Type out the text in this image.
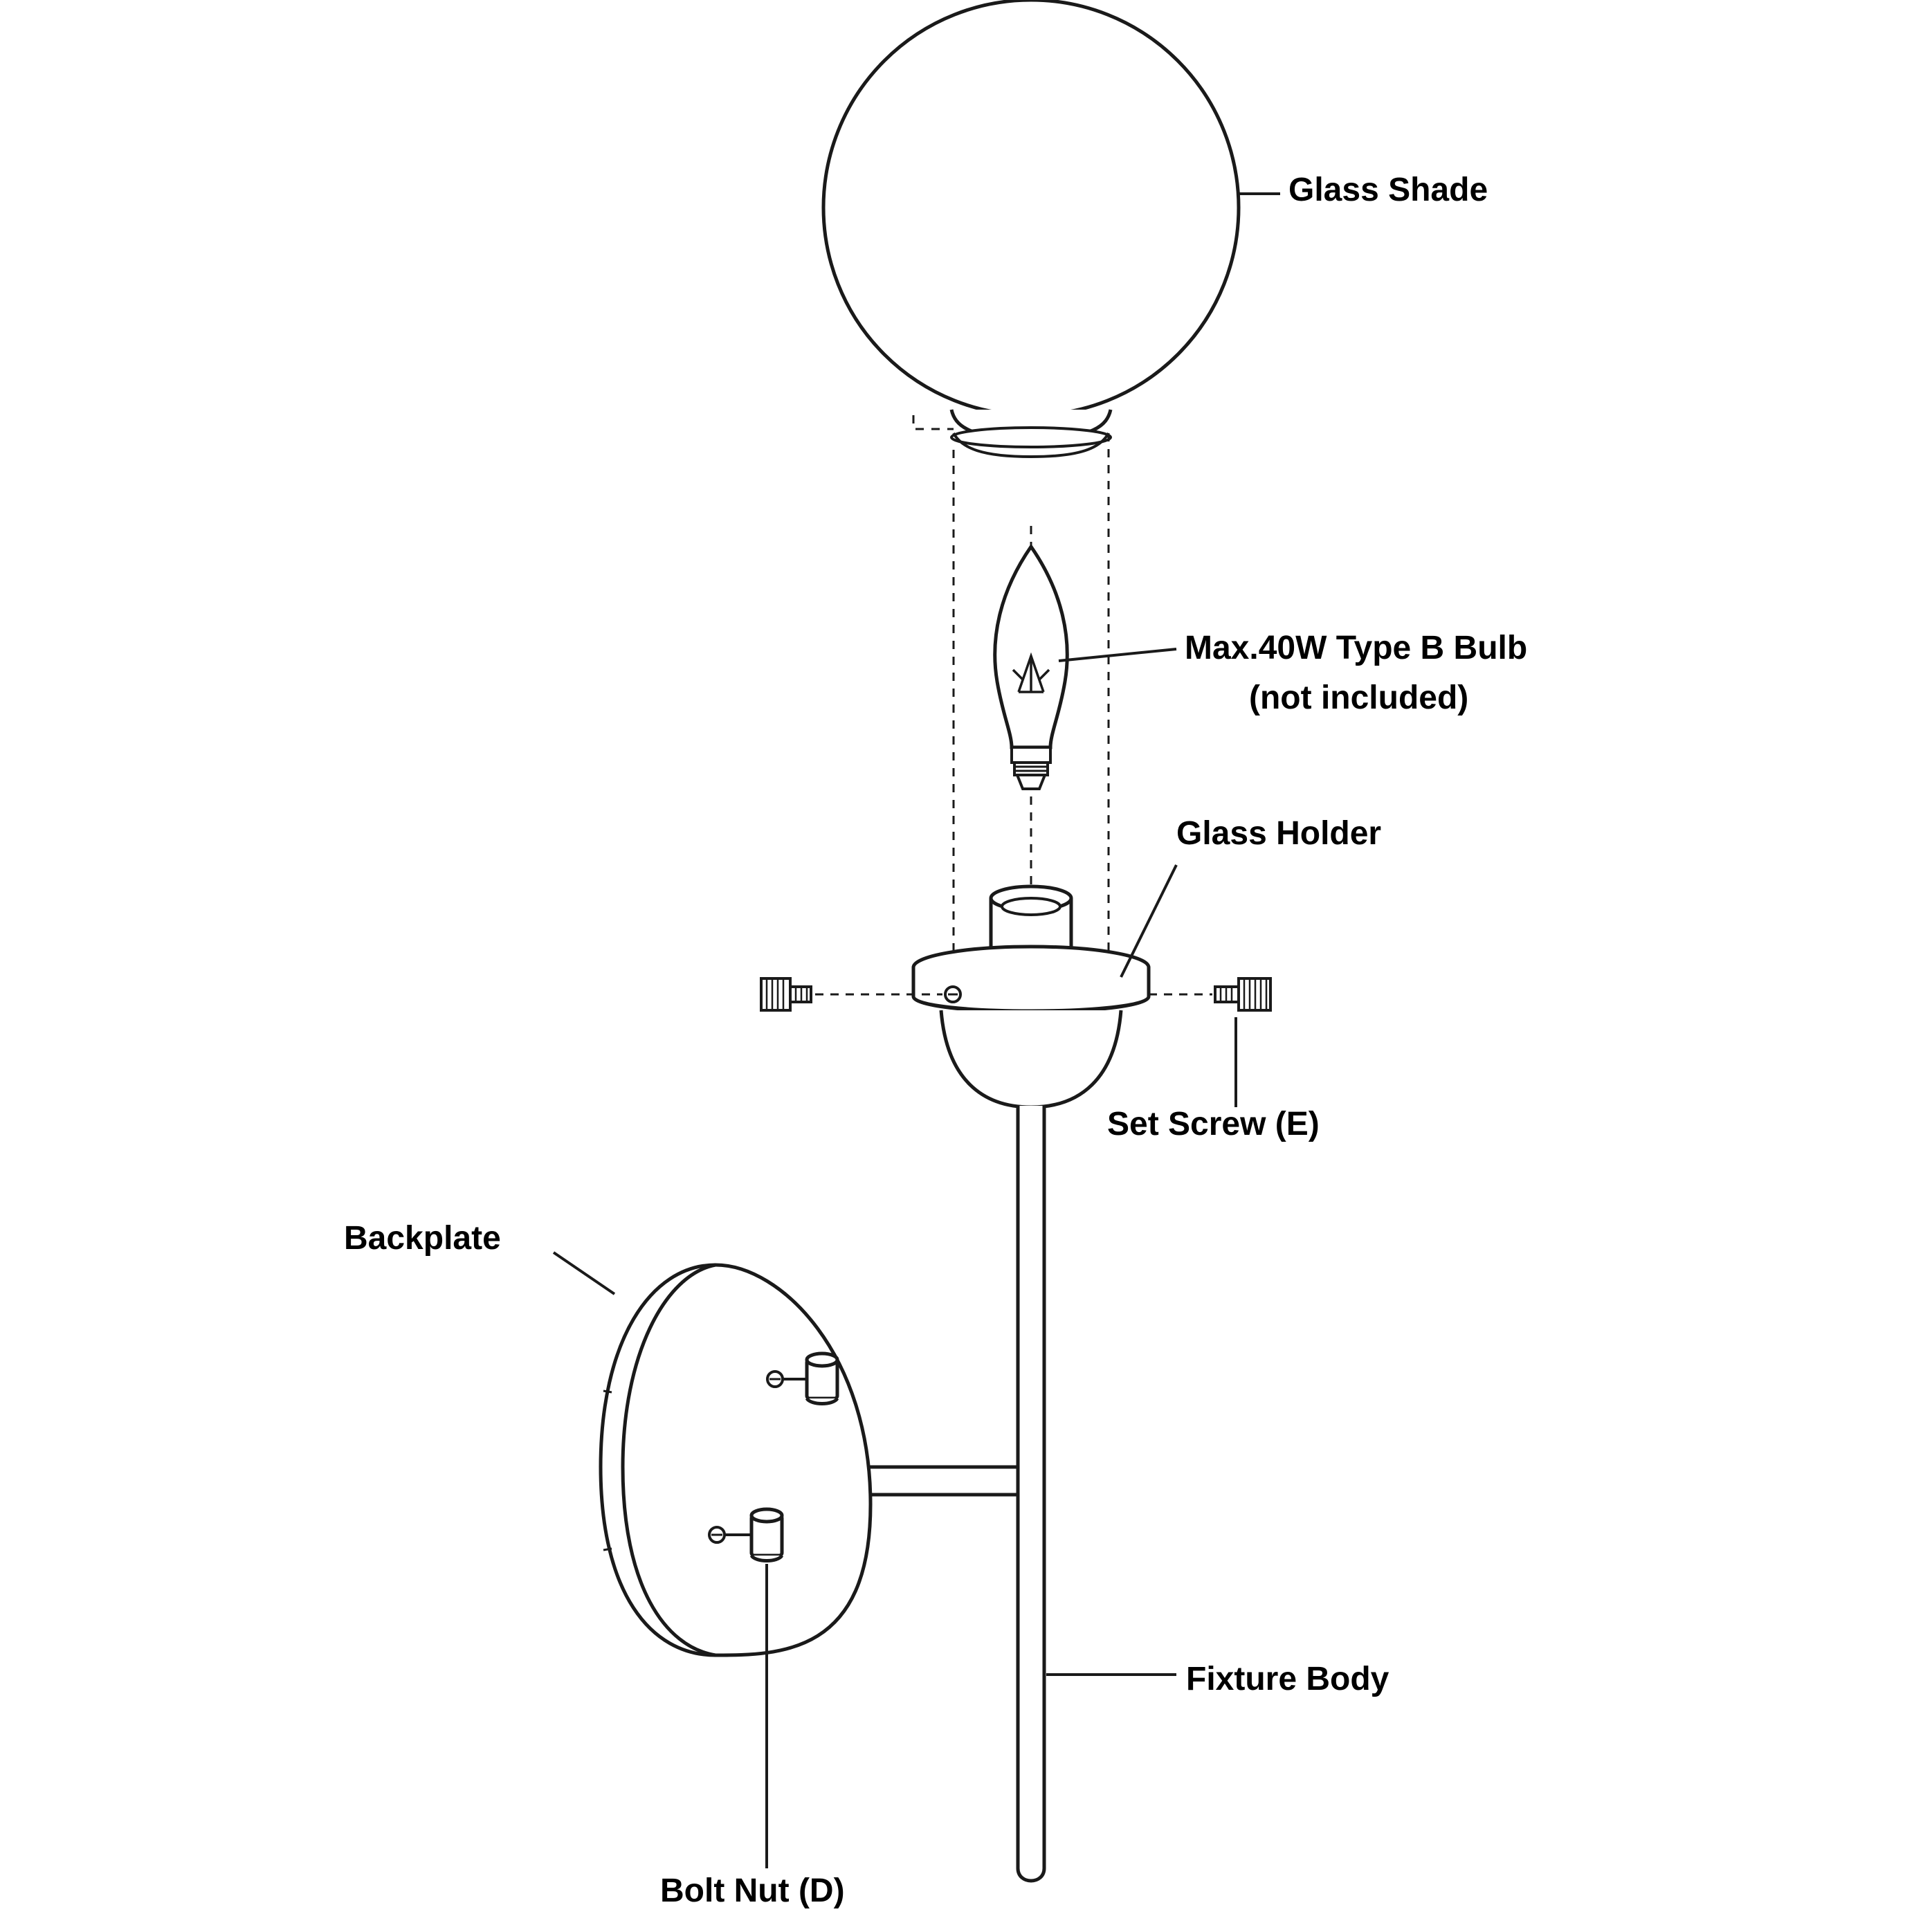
Glass Shade
Max.40W Type B Bulb
(not included)
Glass Holder
Set Screw (E)
Backplate
Fixture Body
Bolt Nut (D)
